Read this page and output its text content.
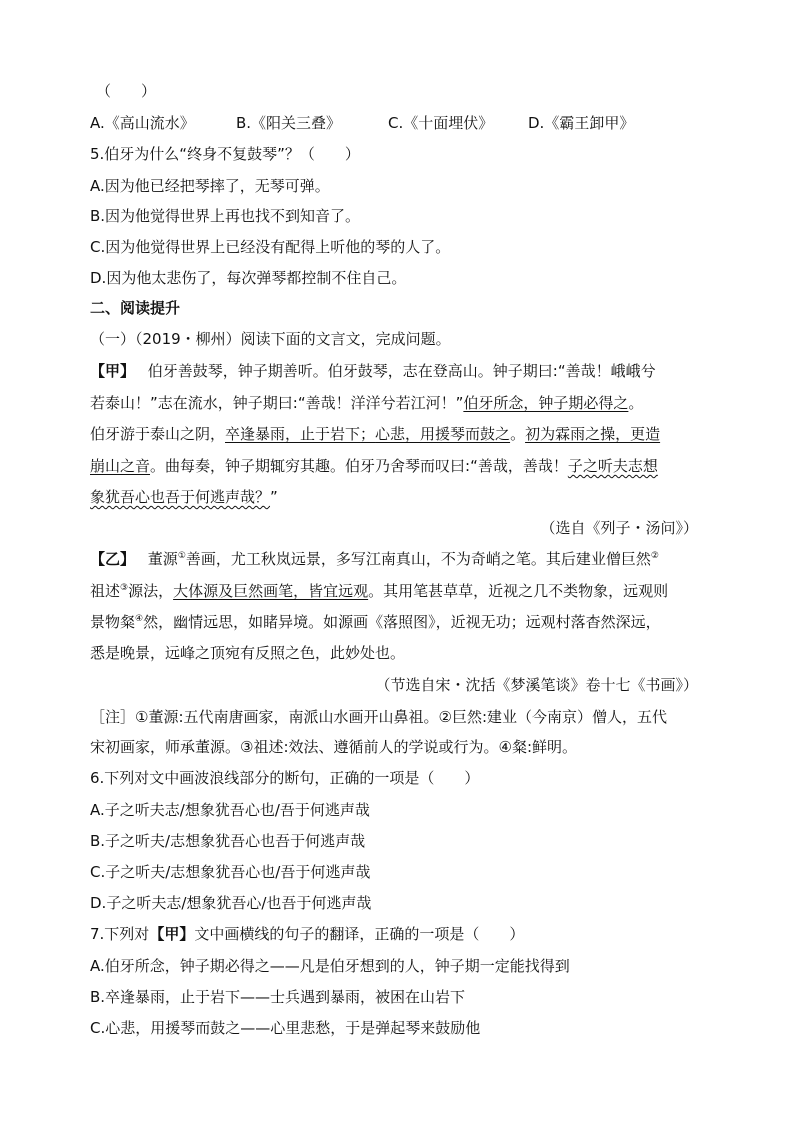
（　　）
A.《高山流水》	B.《阳关三叠》	C.《十面埋伏》	D.《霸王卸甲》
5.伯牙为什么“终身不复鼓琴”？（　　）
A.因为他已经把琴摔了，无琴可弹。
B.因为他觉得世界上再也找不到知音了。
C.因为他觉得世界上已经没有配得上听他的琴的人了。
D.因为他太悲伤了，每次弹琴都控制不住自己。
二、阅读提升
（一）（2019・柳州）阅读下面的文言文，完成问题。
【甲】 伯牙善鼓琴，钟子期善听。伯牙鼓琴，志在登高山。钟子期曰:“善哉！峨峨兮
若泰山！”志在流水，钟子期曰:“善哉！洋洋兮若江河！”伯牙所念，钟子期必得之。
伯牙游于泰山之阴，卒逢暴雨，止于岩下；心悲，用援琴而鼓之。初为霖雨之操，更造
崩山之音。曲每奏，钟子期辄穷其趣。伯牙乃舍琴而叹曰:“善哉，善哉！子之听夫志想
象犹吾心也吾于何逃声哉？”
（选自《列子・汤问》）
【乙】 董源①善画，尤工秋岚远景，多写江南真山，不为奇峭之笔。其后建业僧巨然②
祖述③源法，大体源及巨然画笔，皆宜远观。其用笔甚草草，近视之几不类物象，远观则
景物粲④然，幽情远思，如睹异境。如源画《落照图》，近视无功；远观村落杳然深远，
悉是晚景，远峰之顶宛有反照之色，此妙处也。
（节选自宋・沈括《梦溪笔谈》卷十七《书画》）
［注］①董源:五代南唐画家，南派山水画开山鼻祖。②巨然:建业（今南京）僧人，五代
宋初画家，师承董源。③祖述:效法、遵循前人的学说或行为。④粲:鲜明。
6.下列对文中画波浪线部分的断句，正确的一项是（　　）
A.子之听夫志/想象犹吾心也/吾于何逃声哉
B.子之听夫/志想象犹吾心也吾于何逃声哉
C.子之听夫/志想象犹吾心也/吾于何逃声哉
D.子之听夫志/想象犹吾心/也吾于何逃声哉
7.下列对【甲】文中画横线的句子的翻译，正确的一项是（　　）
A.伯牙所念，钟子期必得之——凡是伯牙想到的人，钟子期一定能找得到
B.卒逢暴雨，止于岩下——士兵遇到暴雨，被困在山岩下
C.心悲，用援琴而鼓之——心里悲愁，于是弹起琴来鼓励他
